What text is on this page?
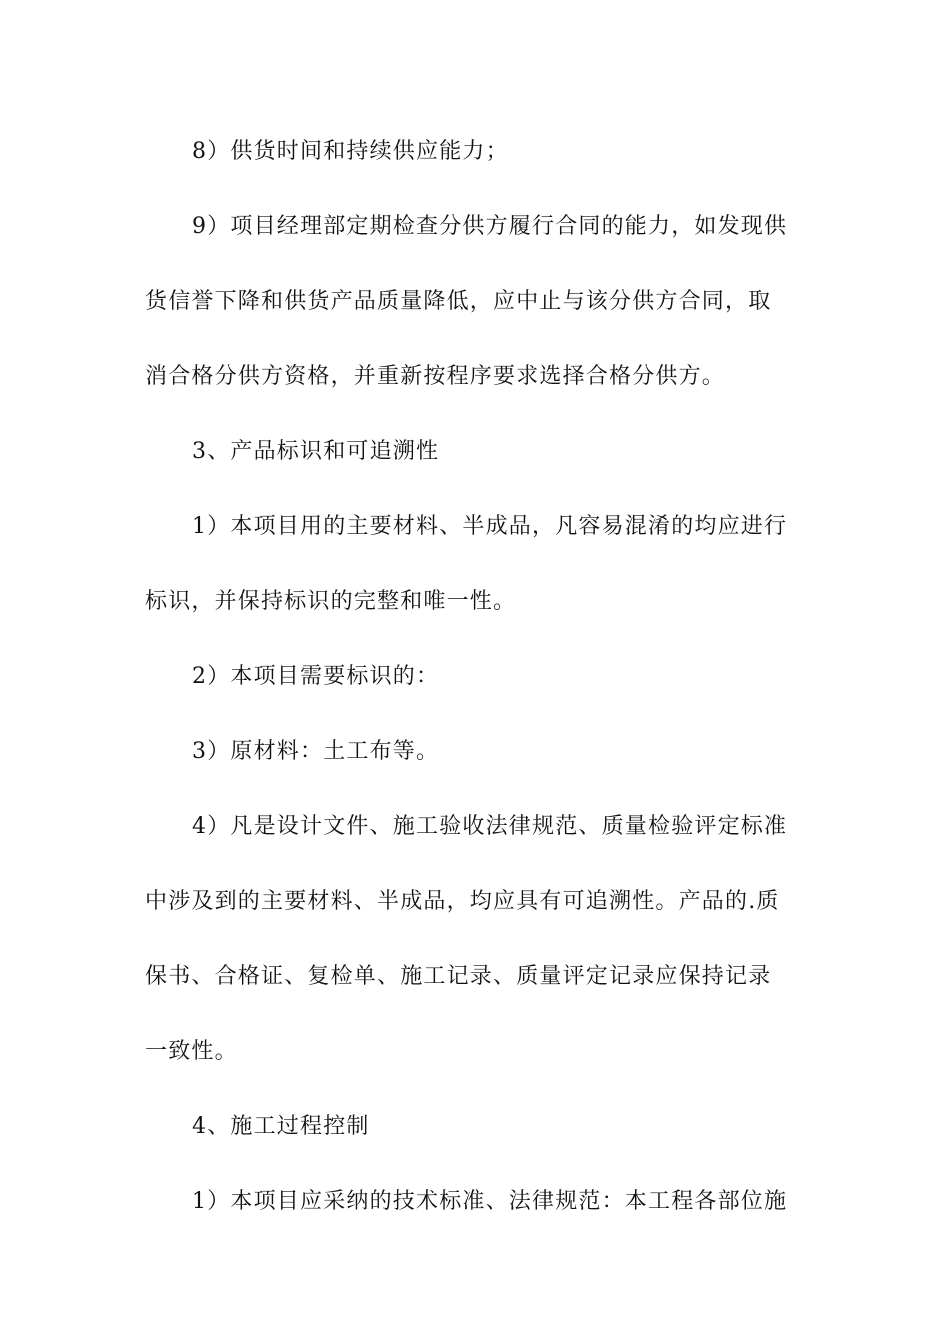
8）供货时间和持续供应能力；
9）项目经理部定期检查分供方履行合同的能力，如发现供
货信誉下降和供货产品质量降低，应中止与该分供方合同，取
消合格分供方资格，并重新按程序要求选择合格分供方。
3、产品标识和可追溯性
1）本项目用的主要材料、半成品，凡容易混淆的均应进行
标识，并保持标识的完整和唯一性。
2）本项目需要标识的：
3）原材料：土工布等。
4）凡是设计文件、施工验收法律规范、质量检验评定标准
中涉及到的主要材料、半成品，均应具有可追溯性。产品的.质
保书、合格证、复检单、施工记录、质量评定记录应保持记录
一致性。
4、施工过程控制
1）本项目应采纳的技术标准、法律规范：本工程各部位施
